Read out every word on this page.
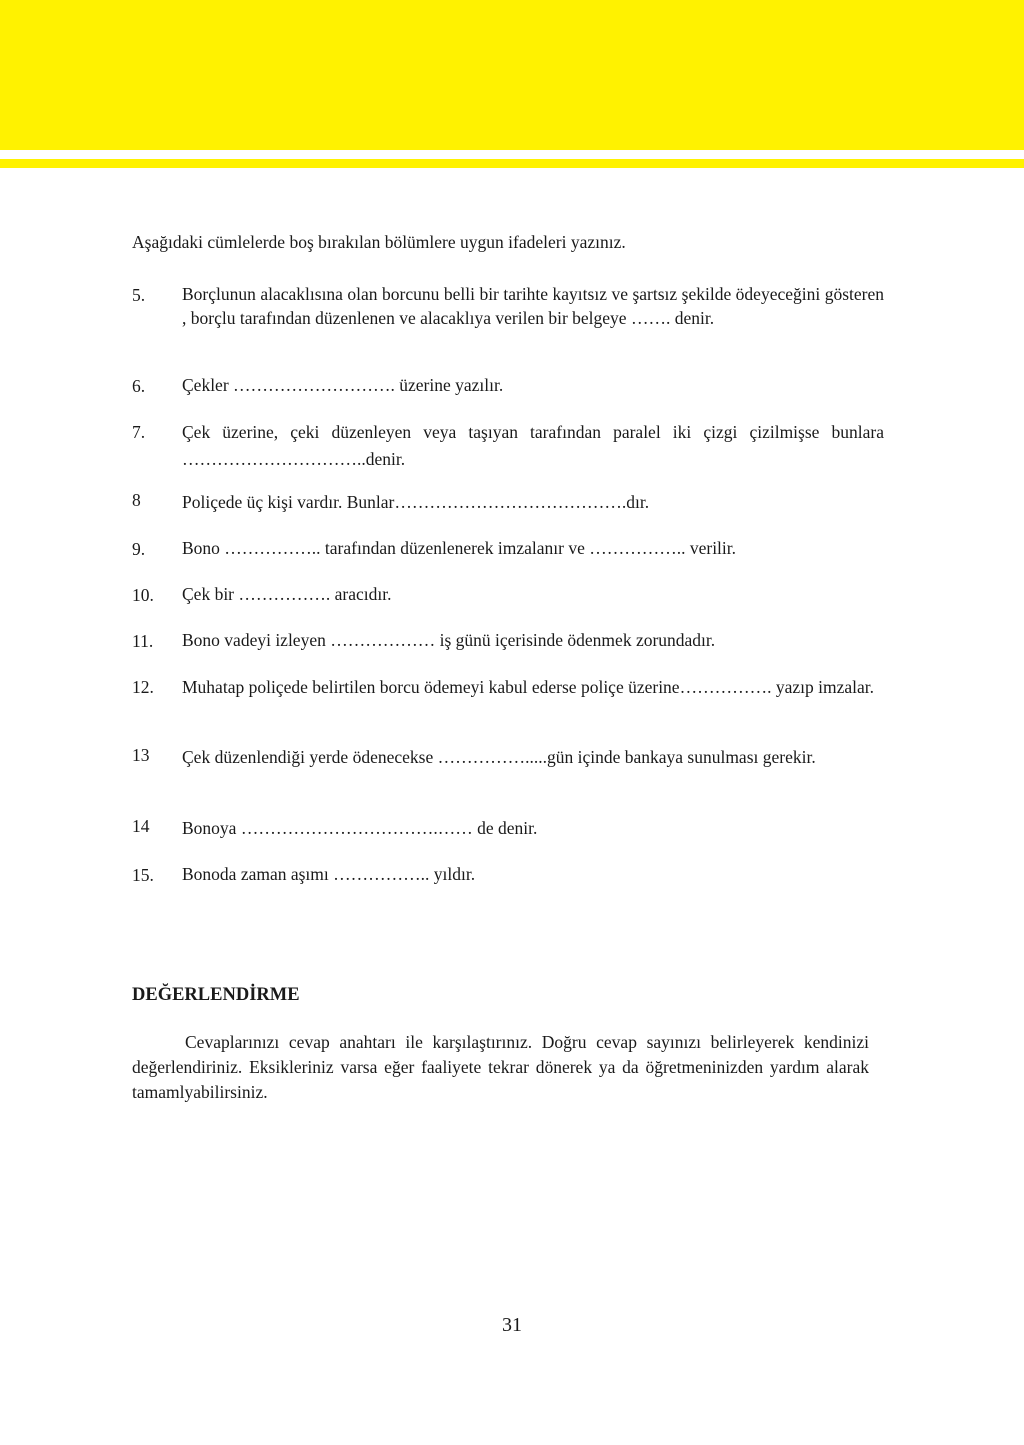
Aşağıdaki cümlelerde boş bırakılan bölümlere uygun ifadeleri yazınız.
5. Borçlunun alacaklısına olan borcunu belli bir tarihte kayıtsız ve şartsız şekilde ödeyeceğini gösteren , borçlu tarafından düzenlenen ve alacaklıya verilen bir belgeye ……. denir.
6. Çekler ………………………. üzerine yazılır.
7. Çek üzerine, çeki düzenleyen veya taşıyan tarafından paralel iki çizgi çizilmişse bunlara …………………………..denir.
8 Poliçede üç kişi vardır. Bunlar………………………………….dır.
9. Bono …………….. tarafından düzenlenerek imzalanır ve …………….. verilir.
10. Çek bir ……………. aracıdır.
11. Bono vadeyi izleyen ……………… iş günü içerisinde ödenmek zorundadır.
12. Muhatap poliçede belirtilen borcu ödemeyi kabul ederse poliçe üzerine……………. yazıp imzalar.
13 Çek düzenlendiği yerde ödenecekse …………….....gün içinde bankaya sunulması gerekir.
14 Bonoya …………………………….…… de denir.
15. Bonoda zaman aşımı …………….. yıldır.
DEĞERLENDİRME
Cevaplarınızı cevap anahtarı ile karşılaştırınız. Doğru cevap sayınızı belirleyerek kendinizi değerlendiriniz. Eksikleriniz varsa eğer faaliyete tekrar dönerek ya da öğretmeninizden yardım alarak tamamlyabilirsiniz.
31
